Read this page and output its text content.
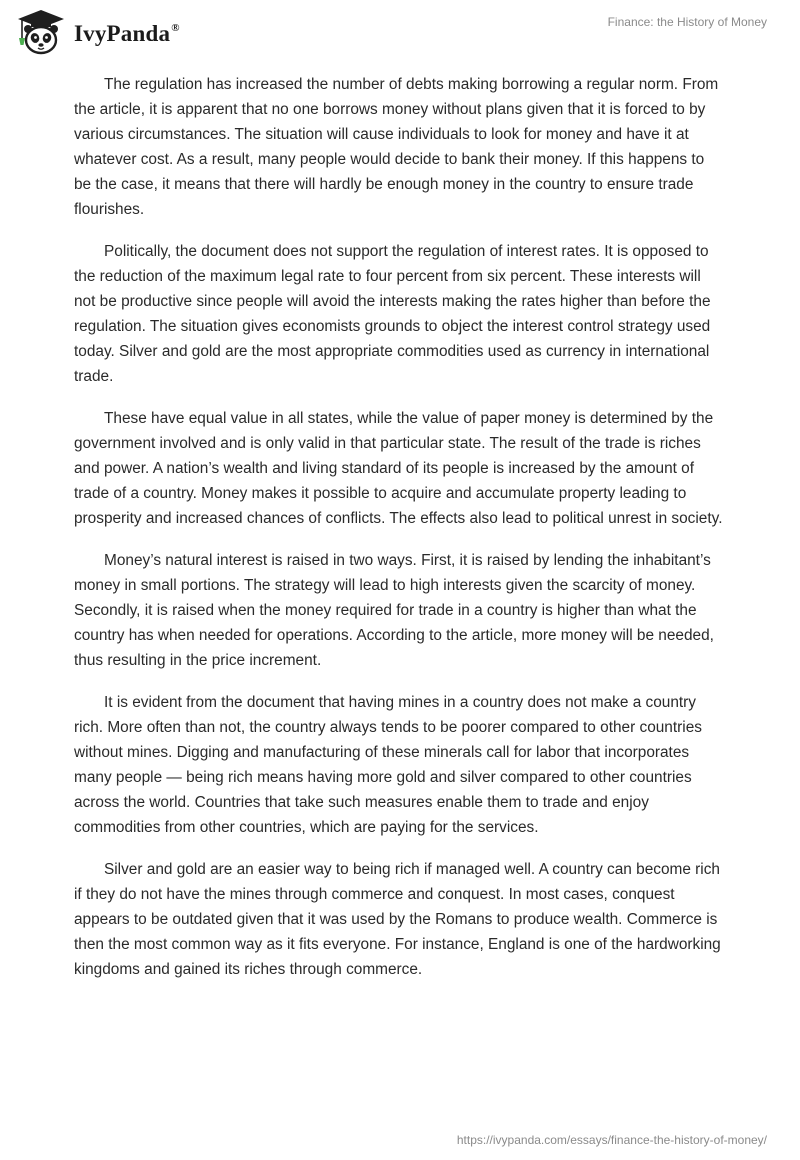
IvyPanda®	Finance: the History of Money

The regulation has increased the number of debts making borrowing a regular norm. From the article, it is apparent that no one borrows money without plans given that it is forced to by various circumstances. The situation will cause individuals to look for money and have it at whatever cost. As a result, many people would decide to bank their money. If this happens to be the case, it means that there will hardly be enough money in the country to ensure trade flourishes.

Politically, the document does not support the regulation of interest rates. It is opposed to the reduction of the maximum legal rate to four percent from six percent. These interests will not be productive since people will avoid the interests making the rates higher than before the regulation. The situation gives economists grounds to object the interest control strategy used today. Silver and gold are the most appropriate commodities used as currency in international trade.

These have equal value in all states, while the value of paper money is determined by the government involved and is only valid in that particular state. The result of the trade is riches and power. A nation’s wealth and living standard of its people is increased by the amount of trade of a country. Money makes it possible to acquire and accumulate property leading to prosperity and increased chances of conflicts. The effects also lead to political unrest in society.

Money’s natural interest is raised in two ways. First, it is raised by lending the inhabitant’s money in small portions. The strategy will lead to high interests given the scarcity of money. Secondly, it is raised when the money required for trade in a country is higher than what the country has when needed for operations. According to the article, more money will be needed, thus resulting in the price increment.

It is evident from the document that having mines in a country does not make a country rich. More often than not, the country always tends to be poorer compared to other countries without mines. Digging and manufacturing of these minerals call for labor that incorporates many people — being rich means having more gold and silver compared to other countries across the world. Countries that take such measures enable them to trade and enjoy commodities from other countries, which are paying for the services.

Silver and gold are an easier way to being rich if managed well. A country can become rich if they do not have the mines through commerce and conquest. In most cases, conquest appears to be outdated given that it was used by the Romans to produce wealth. Commerce is then the most common way as it fits everyone. For instance, England is one of the hardworking kingdoms and gained its riches through commerce.

https://ivypanda.com/essays/finance-the-history-of-money/
